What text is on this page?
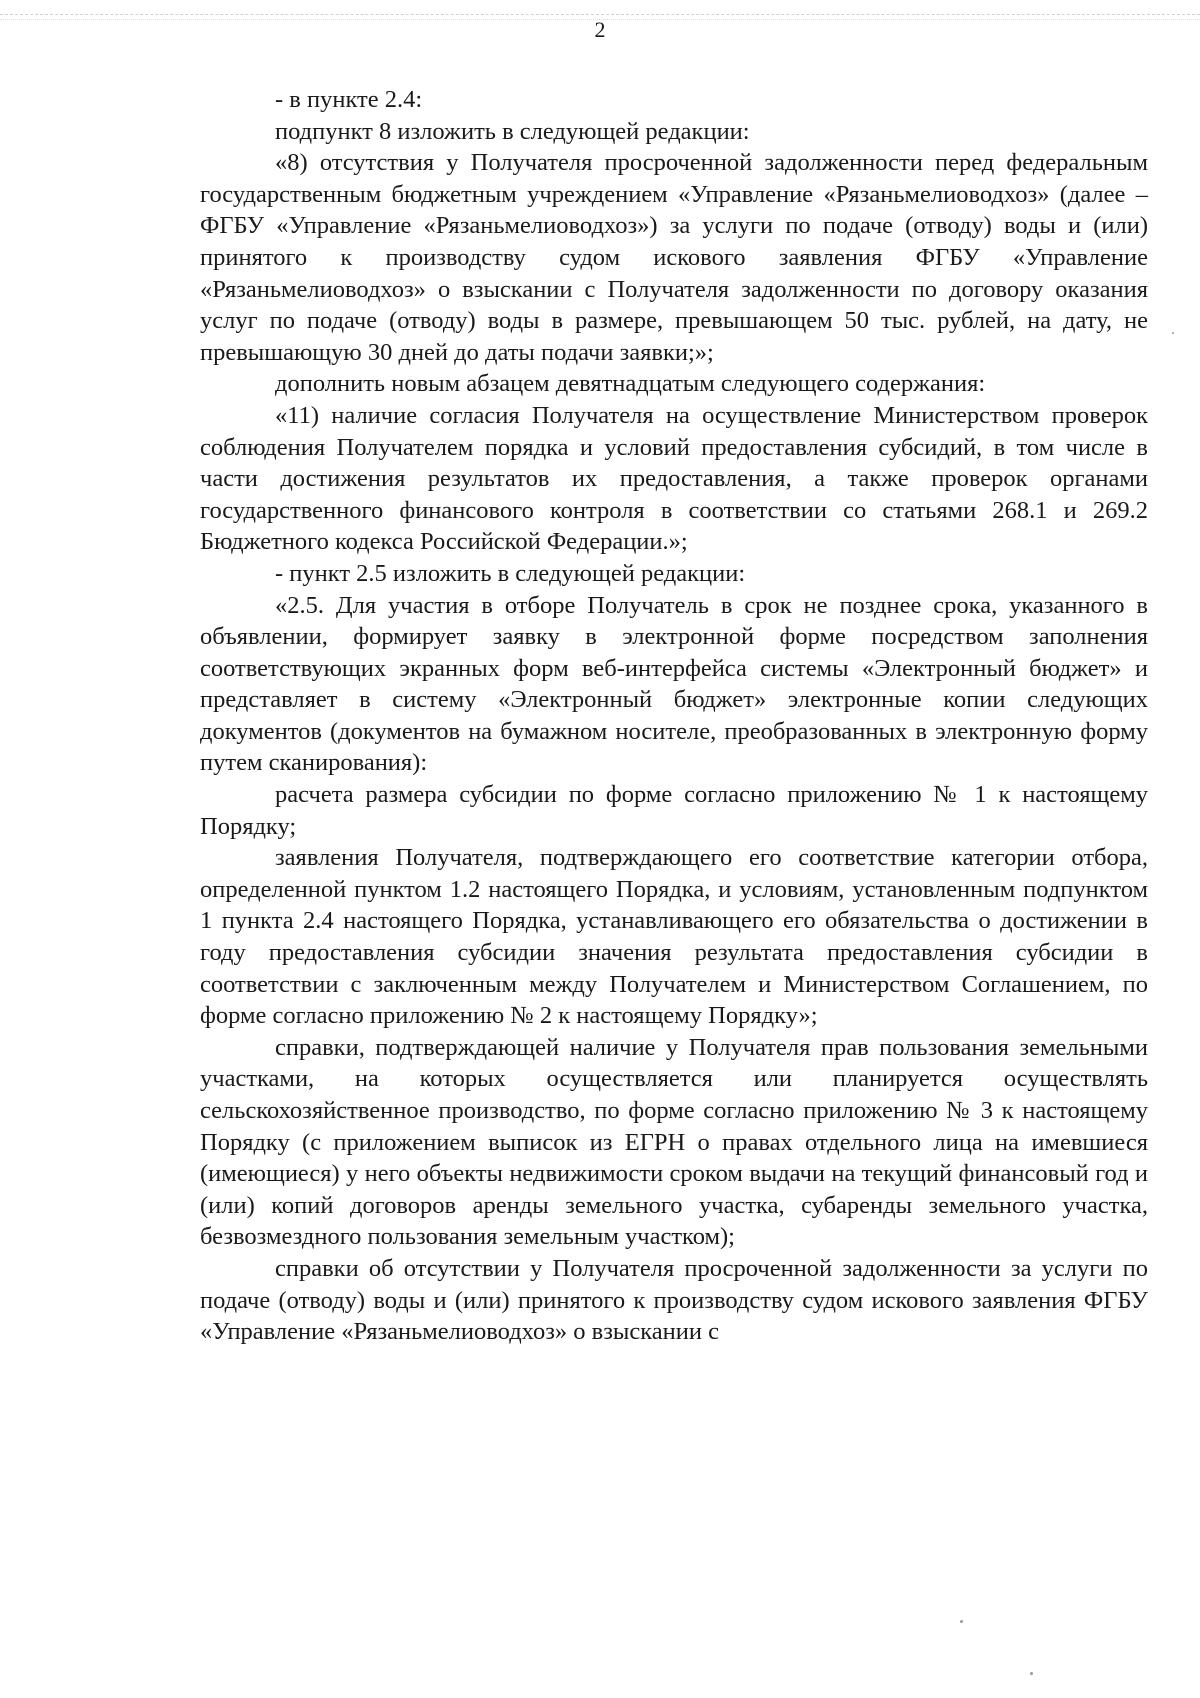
2

- в пункте 2.4:

подпункт 8 изложить в следующей редакции:

«8) отсутствия у Получателя просроченной задолженности перед федеральным государственным бюджетным учреждением «Управление «Рязаньмелиоводхоз» (далее – ФГБУ «Управление «Рязаньмелиоводхоз») за услуги по подаче (отводу) воды и (или) принятого к производству судом искового заявления ФГБУ «Управление «Рязаньмелиоводхоз» о взыскании с Получателя задолженности по договору оказания услуг по подаче (отводу) воды в размере, превышающем 50 тыс. рублей, на дату, не превышающую 30 дней до даты подачи заявки;»;

дополнить новым абзацем девятнадцатым следующего содержания:

«11) наличие согласия Получателя на осуществление Министерством проверок соблюдения Получателем порядка и условий предоставления субсидий, в том числе в части достижения результатов их предоставления, а также проверок органами государственного финансового контроля в соответствии со статьями 268.1 и 269.2 Бюджетного кодекса Российской Федерации.»;

- пункт 2.5 изложить в следующей редакции:

«2.5. Для участия в отборе Получатель в срок не позднее срока, указанного в объявлении, формирует заявку в электронной форме посредством заполнения соответствующих экранных форм веб-интерфейса системы «Электронный бюджет» и представляет в систему «Электронный бюджет» электронные копии следующих документов (документов на бумажном носителе, преобразованных в электронную форму путем сканирования):

расчета размера субсидии по форме согласно приложению № 1 к настоящему Порядку;

заявления Получателя, подтверждающего его соответствие категории отбора, определенной пунктом 1.2 настоящего Порядка, и условиям, установленным подпунктом 1 пункта 2.4 настоящего Порядка, устанавливающего его обязательства о достижении в году предоставления субсидии значения результата предоставления субсидии в соответствии с заключенным между Получателем и Министерством Соглашением, по форме согласно приложению № 2 к настоящему Порядку»;

справки, подтверждающей наличие у Получателя прав пользования земельными участками, на которых осуществляется или планируется осуществлять сельскохозяйственное производство, по форме согласно приложению № 3 к настоящему Порядку (с приложением выписок из ЕГРН о правах отдельного лица на имевшиеся (имеющиеся) у него объекты недвижимости сроком выдачи на текущий финансовый год и (или) копий договоров аренды земельного участка, субаренды земельного участка, безвозмездного пользования земельным участком);

справки об отсутствии у Получателя просроченной задолженности за услуги по подаче (отводу) воды и (или) принятого к производству судом искового заявления ФГБУ «Управление «Рязаньмелиоводхоз» о взыскании с
